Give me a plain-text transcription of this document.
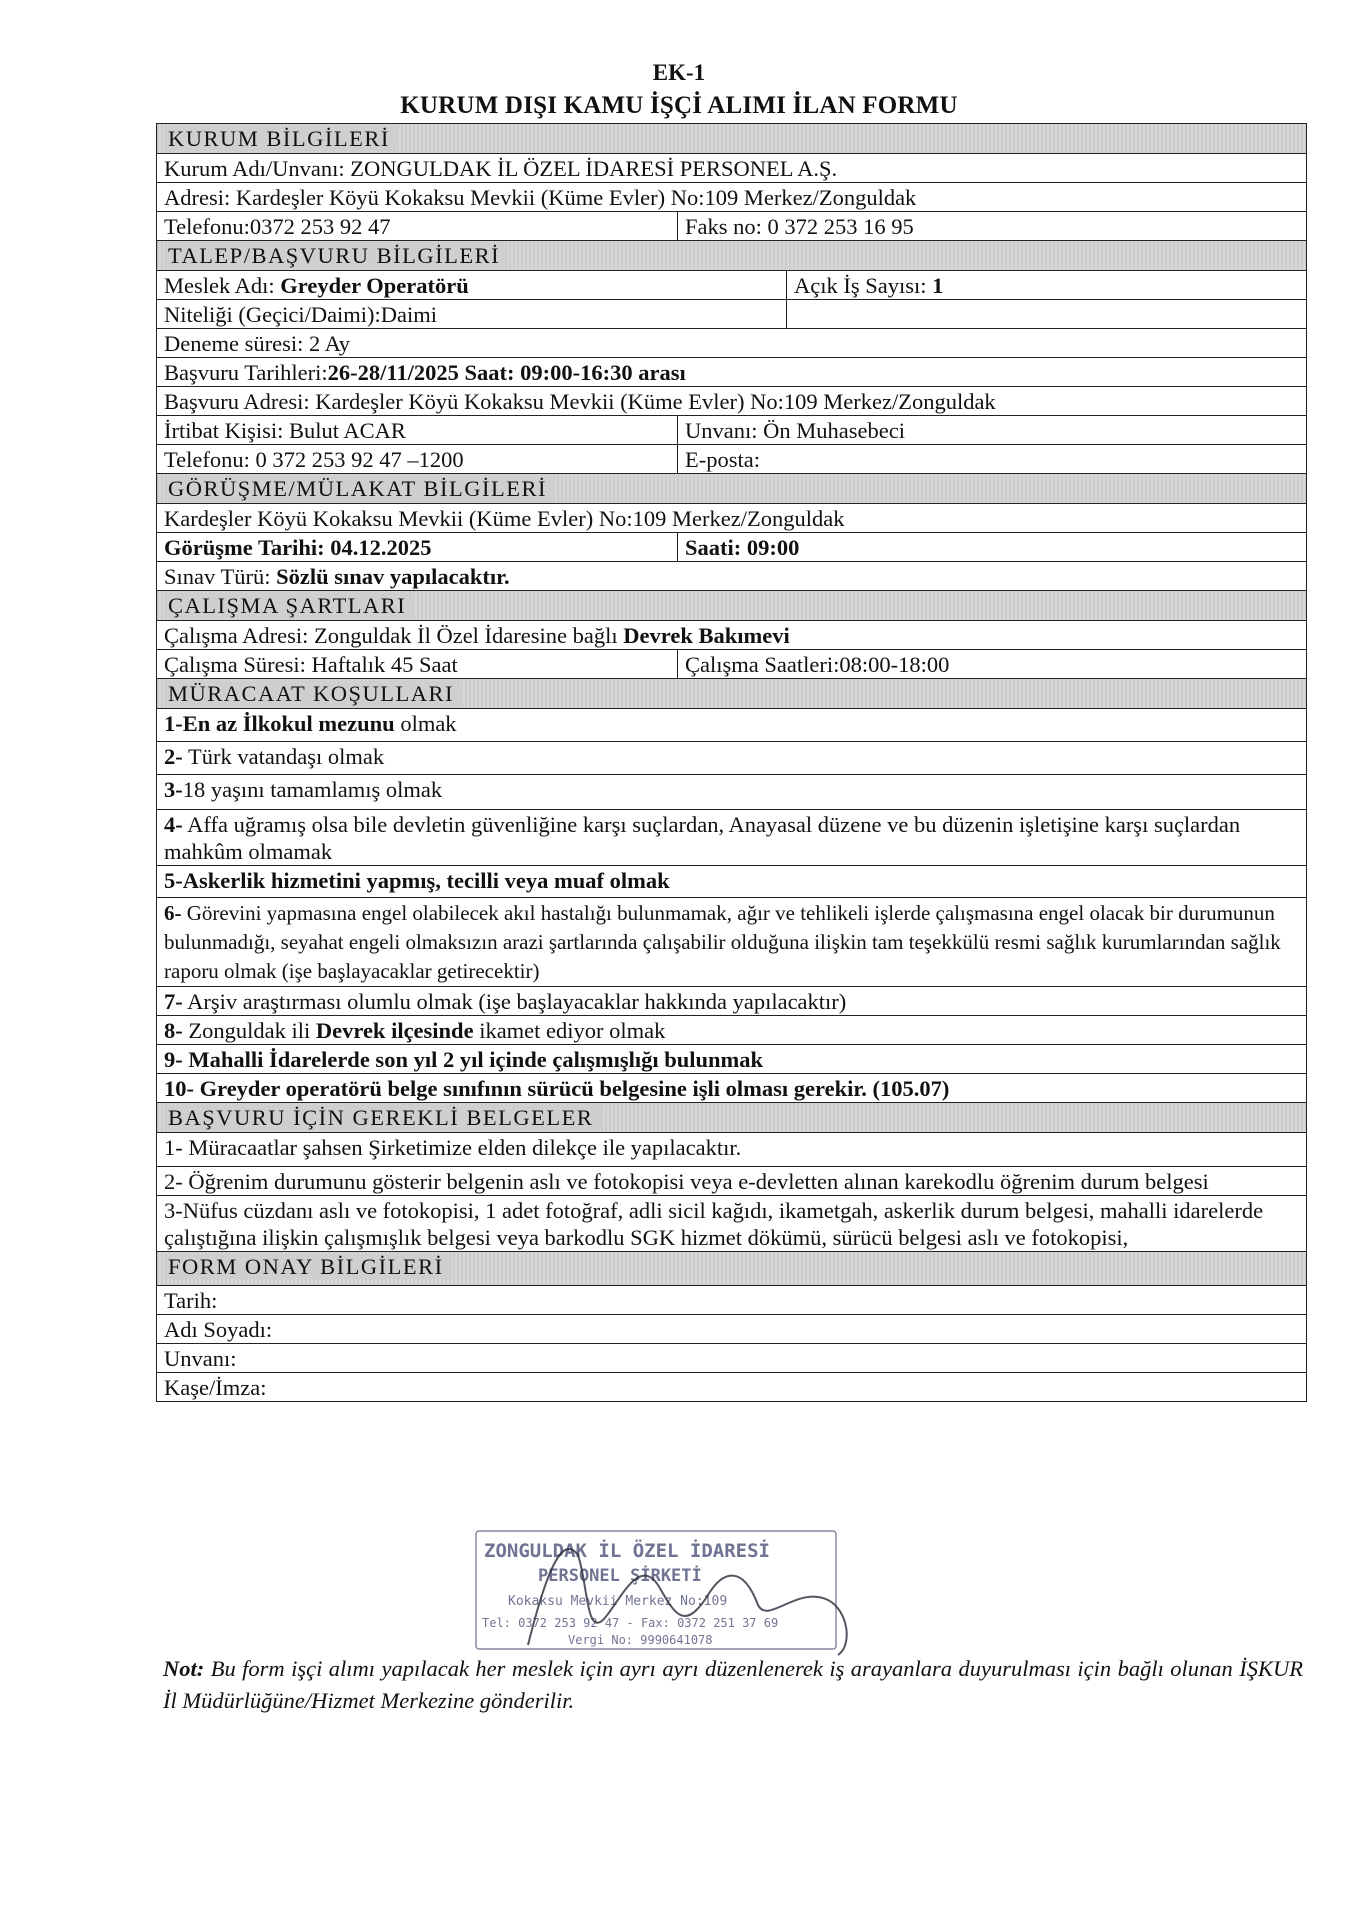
EK-1
KURUM DIŞI KAMU İŞÇİ ALIMI İLAN FORMU
KURUM BİLGİLERİ		
Kurum Adı/Unvanı: ZONGULDAK İL ÖZEL İDARESİ PERSONEL A.Ş.		
Adresi: Kardeşler Köyü Kokaksu Mevkii (Küme Evler) No:109 Merkez/Zonguldak		
Telefonu:0372 253 92 47	Faks no: 0 372 253 16 95	
TALEP/BAŞVURU BİLGİLERİ		
Meslek Adı: Greyder Operatörü		Açık İş Sayısı: 1
Niteliği (Geçici/Daimi):Daimi		
Deneme süresi: 2 Ay		
Başvuru Tarihleri:26-28/11/2025 Saat: 09:00-16:30 arası		
Başvuru Adresi: Kardeşler Köyü Kokaksu Mevkii (Küme Evler) No:109 Merkez/Zonguldak		
İrtibat Kişisi: Bulut ACAR	Unvanı: Ön Muhasebeci	
Telefonu: 0 372 253 92 47 –1200	E-posta:	
GÖRÜŞME/MÜLAKAT BİLGİLERİ		
Kardeşler Köyü Kokaksu Mevkii (Küme Evler) No:109 Merkez/Zonguldak		
Görüşme Tarihi: 04.12.2025	Saati: 09:00	
Sınav Türü: Sözlü sınav yapılacaktır.		
ÇALIŞMA ŞARTLARI		
Çalışma Adresi: Zonguldak İl Özel İdaresine bağlı Devrek Bakımevi		
Çalışma Süresi: Haftalık 45 Saat	Çalışma Saatleri:08:00-18:00	
MÜRACAAT KOŞULLARI		
1-En az İlkokul mezunu olmak		
2- Türk vatandaşı olmak		
3-18 yaşını tamamlamış olmak		
4- Affa uğramış olsa bile devletin güvenliğine karşı suçlardan, Anayasal düzene ve bu düzenin işletişine karşı suçlardan mahkûm olmamak		
5-Askerlik hizmetini yapmış, tecilli veya muaf olmak		
6- Görevini yapmasına engel olabilecek akıl hastalığı bulunmamak, ağır ve tehlikeli işlerde çalışmasına engel olacak bir durumunun bulunmadığı, seyahat engeli olmaksızın arazi şartlarında çalışabilir olduğuna ilişkin tam teşekkülü resmi sağlık kurumlarından sağlık raporu olmak (işe başlayacaklar getirecektir)		
7- Arşiv araştırması olumlu olmak (işe başlayacaklar hakkında yapılacaktır)		
8- Zonguldak ili Devrek ilçesinde ikamet ediyor olmak		
9- Mahalli İdarelerde son yıl 2 yıl içinde çalışmışlığı bulunmak		
10- Greyder operatörü belge sınıfının sürücü belgesine işli olması gerekir. (105.07)		
BAŞVURU İÇİN GEREKLİ BELGELER		
1- Müracaatlar şahsen Şirketimize elden dilekçe ile yapılacaktır.		
2- Öğrenim durumunu gösterir belgenin aslı ve fotokopisi veya e-devletten alınan karekodlu öğrenim durum belgesi		
3-Nüfus cüzdanı aslı ve fotokopisi, 1 adet fotoğraf, adli sicil kağıdı, ikametgah, askerlik durum belgesi, mahalli idarelerde çalıştığına ilişkin çalışmışlık belgesi veya barkodlu SGK hizmet dökümü, sürücü belgesi aslı ve fotokopisi,		
FORM ONAY BİLGİLERİ		
Tarih:		
Adı Soyadı:		
Unvanı:		
Kaşe/İmza:		
ZONGULDAK İL ÖZEL İDARESİ
PERSONEL ŞİRKETİ
Kokaksu Mevkii Merkez No:109
Tel: 0372 253 92 47 - Fax: 0372 251 37 69
Vergi No: 9990641078
Not: Bu form işçi alımı yapılacak her meslek için ayrı ayrı düzenlenerek iş arayanlara duyurulması için bağlı olunan İŞKUR İl Müdürlüğüne/Hizmet Merkezine gönderilir.
